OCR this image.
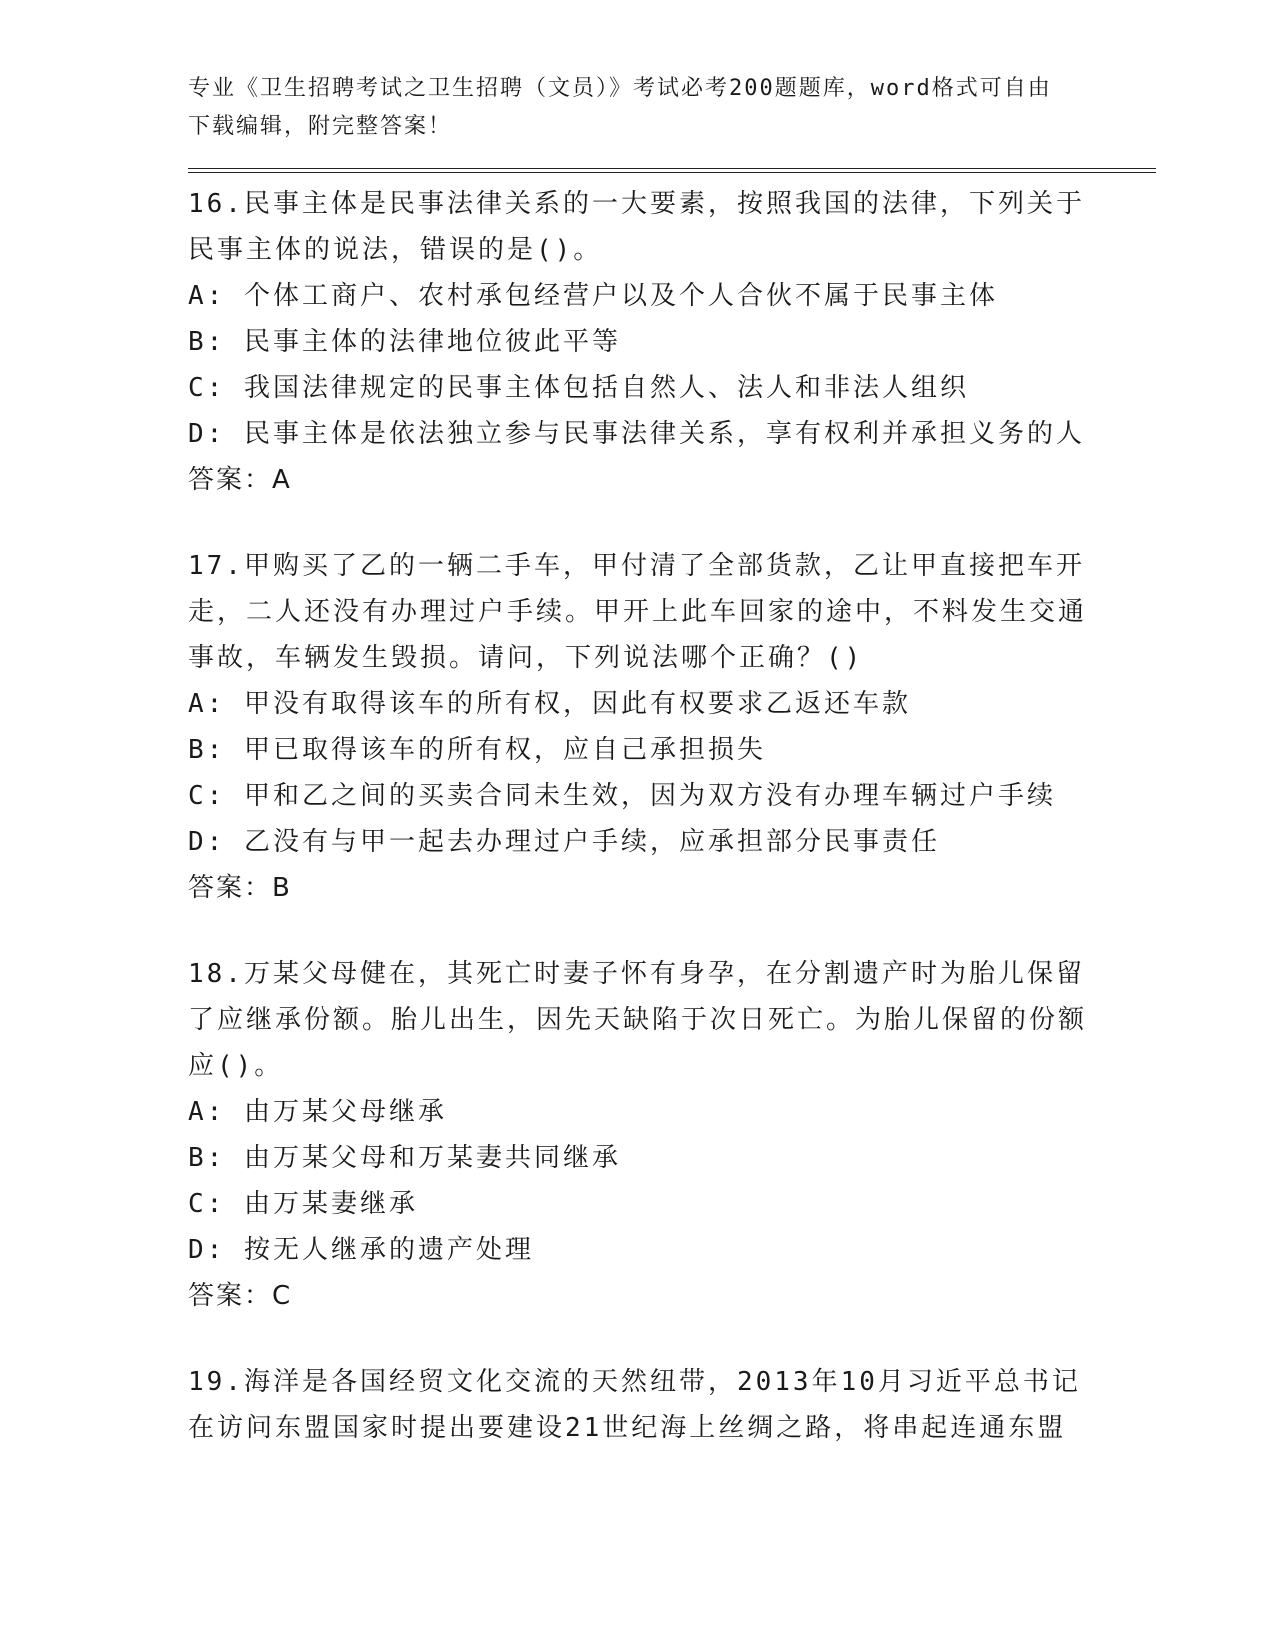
专业《卫生招聘考试之卫生招聘（文员）》考试必考200题题库，word格式可自由下载编辑，附完整答案！

16.民事主体是民事法律关系的一大要素，按照我国的法律，下列关于民事主体的说法，错误的是()。

A: 个体工商户、农村承包经营户以及个人合伙不属于民事主体
B: 民事主体的法律地位彼此平等
C: 我国法律规定的民事主体包括自然人、法人和非法人组织
D: 民事主体是依法独立参与民事法律关系，享有权利并承担义务的人
答案：A

17.甲购买了乙的一辆二手车，甲付清了全部货款，乙让甲直接把车开走，二人还没有办理过户手续。甲开上此车回家的途中，不料发生交通事故，车辆发生毁损。请问，下列说法哪个正确？()

A: 甲没有取得该车的所有权，因此有权要求乙返还车款
B: 甲已取得该车的所有权，应自己承担损失
C: 甲和乙之间的买卖合同未生效，因为双方没有办理车辆过户手续
D: 乙没有与甲一起去办理过户手续，应承担部分民事责任
答案：B

18.万某父母健在，其死亡时妻子怀有身孕，在分割遗产时为胎儿保留了应继承份额。胎儿出生，因先天缺陷于次日死亡。为胎儿保留的份额应()。

A: 由万某父母继承
B: 由万某父母和万某妻共同继承
C: 由万某妻继承
D: 按无人继承的遗产处理
答案：C

19.海洋是各国经贸文化交流的天然纽带，2013年10月习近平总书记在访问东盟国家时提出要建设21世纪海上丝绸之路，将串起连通东盟
